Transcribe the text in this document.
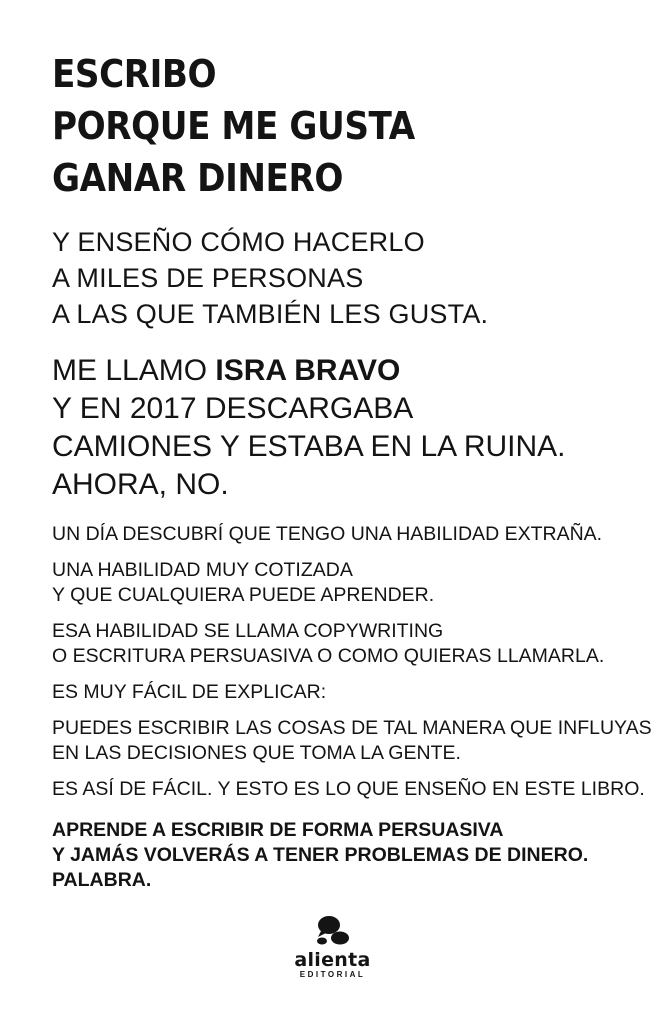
ESCRIBO
PORQUE ME GUSTA
GANAR DINERO
Y ENSEÑO CÓMO HACERLO
A MILES DE PERSONAS
A LAS QUE TAMBIÉN LES GUSTA.
ME LLAMO ISRA BRAVO
Y EN 2017 DESCARGABA
CAMIONES Y ESTABA EN LA RUINA.
AHORA, NO.

UN DÍA DESCUBRÍ QUE TENGO UNA HABILIDAD EXTRAÑA.

UNA HABILIDAD MUY COTIZADA
Y QUE CUALQUIERA PUEDE APRENDER.

ESA HABILIDAD SE LLAMA COPYWRITING
O ESCRITURA PERSUASIVA O COMO QUIERAS LLAMARLA.

ES MUY FÁCIL DE EXPLICAR:

PUEDES ESCRIBIR LAS COSAS DE TAL MANERA QUE INFLUYAS
EN LAS DECISIONES QUE TOMA LA GENTE.

ES ASÍ DE FÁCIL. Y ESTO ES LO QUE ENSEÑO EN ESTE LIBRO.

APRENDE A ESCRIBIR DE FORMA PERSUASIVA
Y JAMÁS VOLVERÁS A TENER PROBLEMAS DE DINERO.
PALABRA.
alienta
EDITORIAL
